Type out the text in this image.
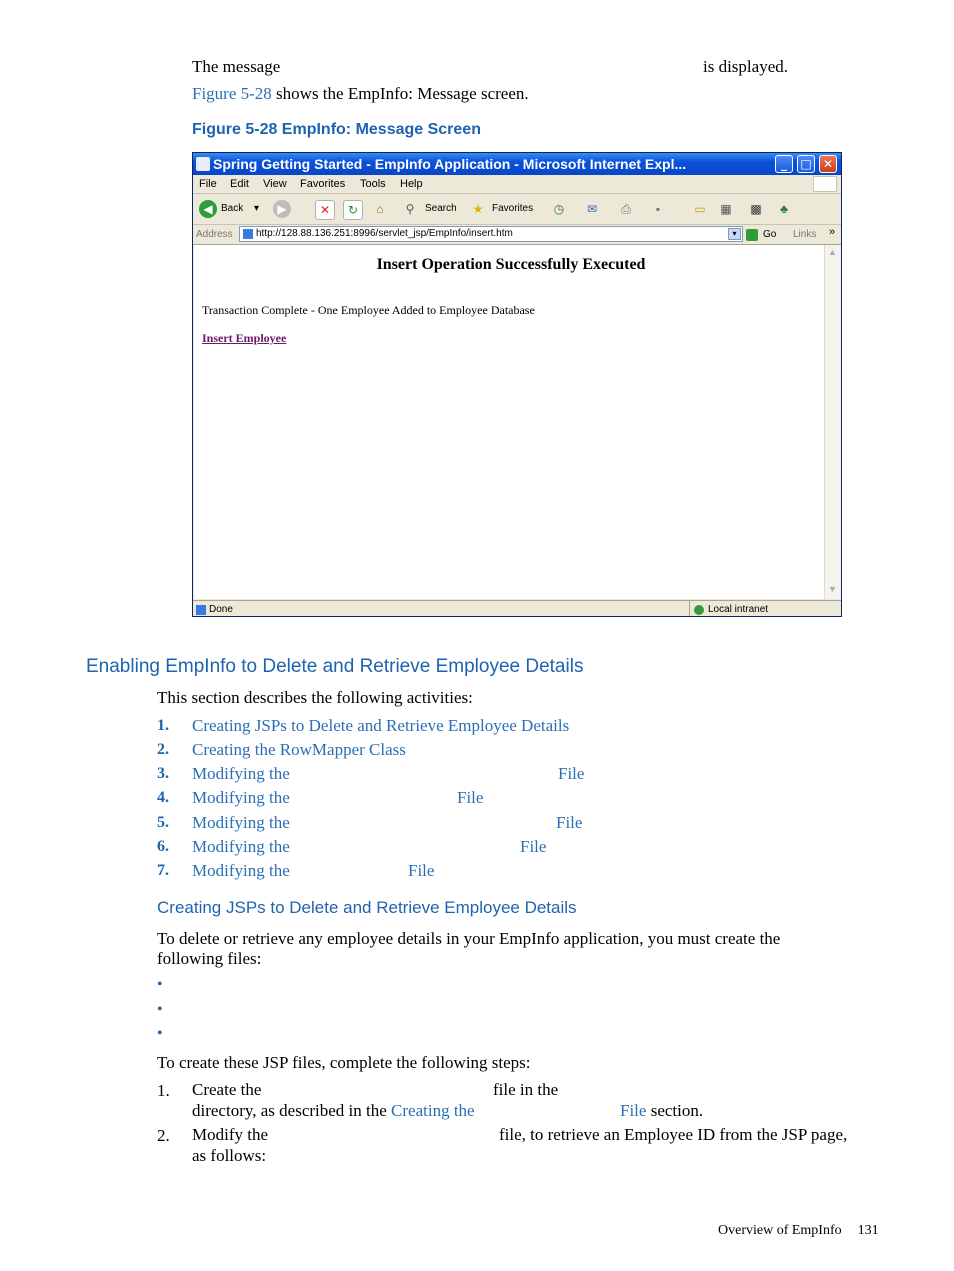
The message	is displayed.
Figure 5-28 shows the EmpInfo: Message screen.
Figure 5-28 EmpInfo: Message Screen
Spring Getting Started - EmpInfo Application - Microsoft Internet Expl...	_	□ ✕
File Edit View Favorites Tools Help
◀ Back ▾	▶	✕	↻	⌂	⚲	Search	★ Favorites	◷	✉	⎙	▪	▭ ▦ ▩	♣
Address	http://128.88.136.251:8996/servlet_jsp/EmpInfo/insert.htm	▾	Go Links »
Insert Operation Successfully Executed
Transaction Complete - One Employee Added to Employee Database
Insert Employee
▲
▼
Done	Local intranet
Enabling EmpInfo to Delete and Retrieve Employee Details
This section describes the following activities:
1. Creating JSPs to Delete and Retrieve Employee Details
2. Creating the RowMapper Class
3. Modifying the	File
4. Modifying the	File
5. Modifying the	File
6. Modifying the	File
7. Modifying the	File
Creating JSPs to Delete and Retrieve Employee Details
To delete or retrieve any employee details in your EmpInfo application, you must create the
following files:
•
•
•
To create these JSP files, complete the following steps:
1. Create the	file in the
directory, as described in the Creating the	File section.
2. Modify the	file, to retrieve an Employee ID from the JSP page,
as follows:
Overview of EmpInfo 131
